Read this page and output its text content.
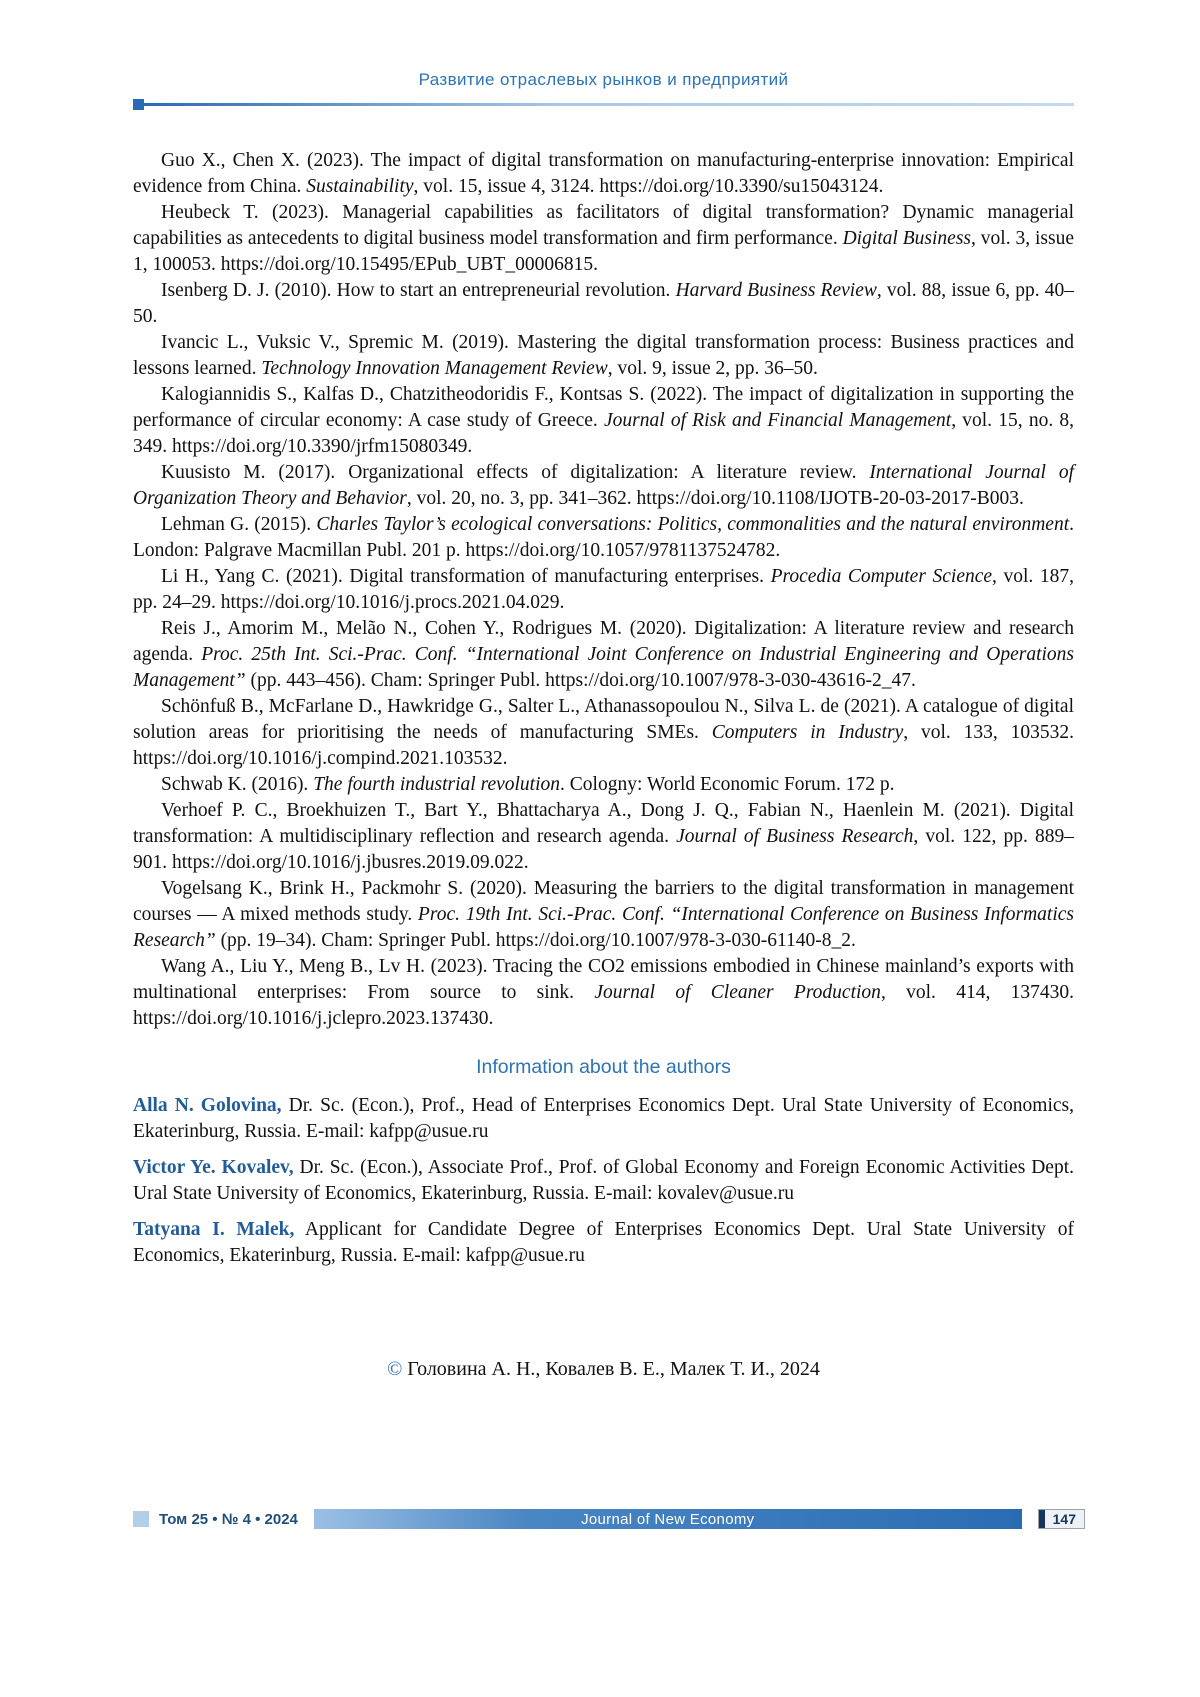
Развитие отраслевых рынков и предприятий

Guo X., Chen X. (2023). The impact of digital transformation on manufacturing-enterprise innovation: Empirical evidence from China. Sustainability, vol. 15, issue 4, 3124. https://doi.org/10.3390/su15043124.

Heubeck T. (2023). Managerial capabilities as facilitators of digital transformation? Dynamic managerial capabilities as antecedents to digital business model transformation and firm performance. Digital Business, vol. 3, issue 1, 100053. https://doi.org/10.15495/EPub_UBT_00006815.

Isenberg D. J. (2010). How to start an entrepreneurial revolution. Harvard Business Review, vol. 88, issue 6, pp. 40–50.

Ivancic L., Vuksic V., Spremic M. (2019). Mastering the digital transformation process: Business practices and lessons learned. Technology Innovation Management Review, vol. 9, issue 2, pp. 36–50.

Kalogiannidis S., Kalfas D., Chatzitheodoridis F., Kontsas S. (2022). The impact of digitalization in supporting the performance of circular economy: A case study of Greece. Journal of Risk and Financial Management, vol. 15, no. 8, 349. https://doi.org/10.3390/jrfm15080349.

Kuusisto M. (2017). Organizational effects of digitalization: A literature review. International Journal of Organization Theory and Behavior, vol. 20, no. 3, pp. 341–362. https://doi.org/10.1108/IJOTB-20-03-2017-B003.

Lehman G. (2015). Charles Taylor’s ecological conversations: Politics, commonalities and the natural environment. London: Palgrave Macmillan Publ. 201 p. https://doi.org/10.1057/9781137524782.

Li H., Yang C. (2021). Digital transformation of manufacturing enterprises. Procedia Computer Science, vol. 187, pp. 24–29. https://doi.org/10.1016/j.procs.2021.04.029.

Reis J., Amorim M., Melão N., Cohen Y., Rodrigues M. (2020). Digitalization: A literature review and research agenda. Proc. 25th Int. Sci.-Prac. Conf. “International Joint Conference on Industrial Engineering and Operations Management” (pp. 443–456). Cham: Springer Publ. https://doi.org/10.1007/978-3-030-43616-2_47.

Schönfuß B., McFarlane D., Hawkridge G., Salter L., Athanassopoulou N., Silva L. de (2021). A catalogue of digital solution areas for prioritising the needs of manufacturing SMEs. Computers in Industry, vol. 133, 103532. https://doi.org/10.1016/j.compind.2021.103532.

Schwab K. (2016). The fourth industrial revolution. Cologny: World Economic Forum. 172 p.

Verhoef P. C., Broekhuizen T., Bart Y., Bhattacharya A., Dong J. Q., Fabian N., Haenlein M. (2021). Digital transformation: A multidisciplinary reflection and research agenda. Journal of Business Research, vol. 122, pp. 889–901. https://doi.org/10.1016/j.jbusres.2019.09.022.

Vogelsang K., Brink H., Packmohr S. (2020). Measuring the barriers to the digital transformation in management courses — A mixed methods study. Proc. 19th Int. Sci.-Prac. Conf. “International Conference on Business Informatics Research” (pp. 19–34). Cham: Springer Publ. https://doi.org/10.1007/978-3-030-61140-8_2.

Wang A., Liu Y., Meng B., Lv H. (2023). Tracing the CO2 emissions embodied in Chinese mainland’s exports with multinational enterprises: From source to sink. Journal of Cleaner Production, vol. 414, 137430. https://doi.org/10.1016/j.jclepro.2023.137430.

Information about the authors

Alla N. Golovina, Dr. Sc. (Econ.), Prof., Head of Enterprises Economics Dept. Ural State University of Economics, Ekaterinburg, Russia. E-mail: kafpp@usue.ru

Victor Ye. Kovalev, Dr. Sc. (Econ.), Associate Prof., Prof. of Global Economy and Foreign Economic Activities Dept. Ural State University of Economics, Ekaterinburg, Russia. E-mail: kovalev@usue.ru

Tatyana I. Malek, Applicant for Candidate Degree of Enterprises Economics Dept. Ural State University of Economics, Ekaterinburg, Russia. E-mail: kafpp@usue.ru

© Головина А. Н., Ковалев В. Е., Малек Т. И., 2024

Том 25 • № 4 • 2024	Journal of New Economy	147
